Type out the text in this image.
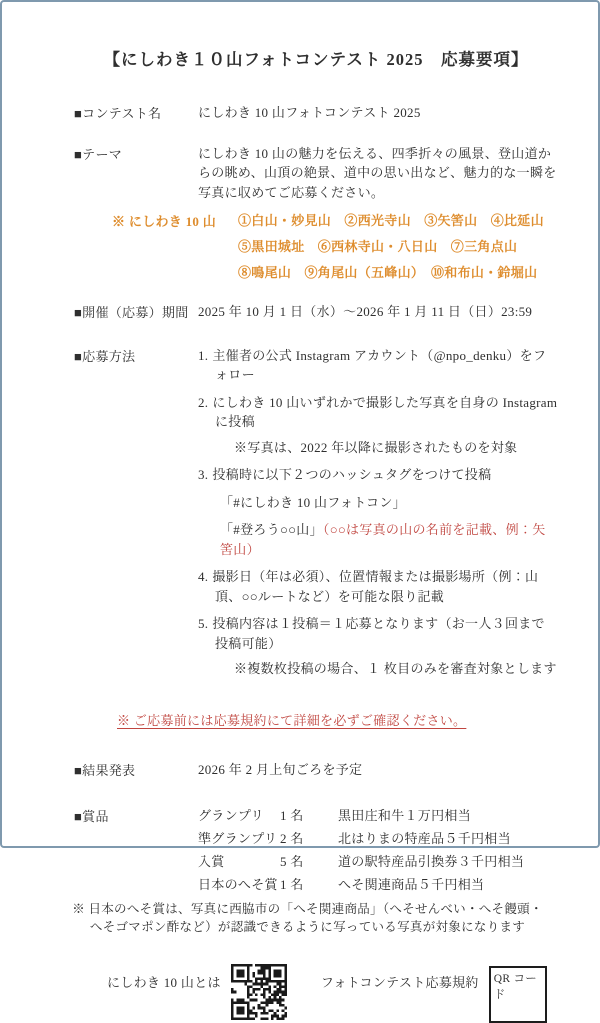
【にしわき１０山フォトコンテスト 2025　応募要項】
■コンテスト名	にしわき 10 山フォトコンテスト 2025
■テーマ	にしわき 10 山の魅力を伝える、四季折々の風景、登山道からの眺め、山頂の絶景、道中の思い出など、魅力的な一瞬を写真に収めてご応募ください。
※ にしわき 10 山	①白山・妙見山　②西光寺山　③矢筈山　④比延山
⑤黒田城址　⑥西林寺山・八日山　⑦三角点山
⑧鳴尾山　⑨角尾山（五峰山）　⑩和布山・鈴堀山
■開催（応募）期間 2025 年 10 月 1 日（水）～2026 年 1 月 11 日（日）23:59
■応募方法	1. 主催者の公式 Instagram アカウント（@npo_denku）をフォロー
2. にしわき 10 山いずれかで撮影した写真を自身の Instagram に投稿
※写真は、2022 年以降に撮影されたものを対象
3. 投稿時に以下２つのハッシュタグをつけて投稿
「#にしわき 10 山フォトコン」
「#登ろう○○山」（○○は写真の山の名前を記載、例：矢筈山）
4. 撮影日（年は必須）、位置情報または撮影場所（例：山頂、○○ルートなど）を可能な限り記載
5. 投稿内容は１投稿＝１応募となります（お一人３回まで投稿可能）
※複数枚投稿の場合、１ 枚目のみを審査対象とします
※ ご応募前には応募規約にて詳細を必ずご確認ください。
■結果発表	2026 年 2 月上旬ごろを予定
■賞品	グランプリ	1 名	黒田庄和牛１万円相当
準グランプリ 2 名	北はりまの特産品５千円相当
入賞	5 名	道の駅特産品引換券３千円相当
日本のへそ賞 1 名	へそ関連商品５千円相当
※ 日本のへそ賞は、写真に西脇市の「へそ関連商品」（へそせんべい・へそ饅頭・へそゴマポン酢など）が認識できるように写っている写真が対象になります
にしわき 10 山とは	フォトコンテスト応募規約	QR コード
